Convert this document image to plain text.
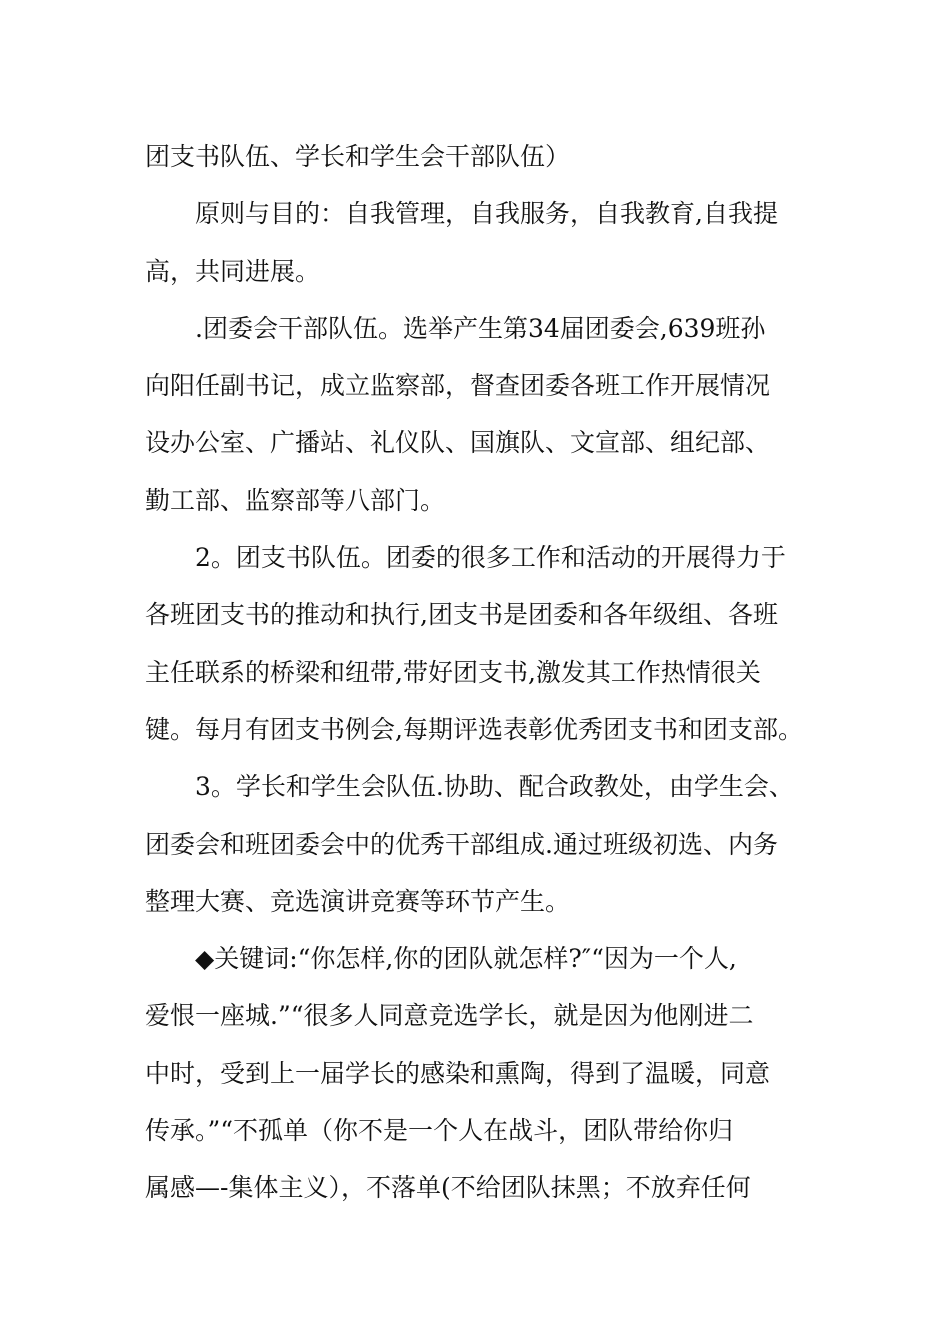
团支书队伍、学长和学生会干部队伍）
原则与目的：自我管理，自我服务，自我教育,自我提
高，共同进展。
.团委会干部队伍。选举产生第34届团委会,639班孙
向阳任副书记，成立监察部，督查团委各班工作开展情况
设办公室、广播站、礼仪队、国旗队、文宣部、组纪部、
勤工部、监察部等八部门。
2。团支书队伍。团委的很多工作和活动的开展得力于
各班团支书的推动和执行,团支书是团委和各年级组、各班
主任联系的桥梁和纽带,带好团支书,激发其工作热情很关
键。每月有团支书例会,每期评选表彰优秀团支书和团支部。
3。学长和学生会队伍.协助、配合政教处，由学生会、
团委会和班团委会中的优秀干部组成.通过班级初选、内务
整理大赛、竞选演讲竞赛等环节产生。
◆关键词:“你怎样,你的团队就怎样?″“因为一个人,
爱恨一座城.”“很多人同意竞选学长，就是因为他刚进二
中时，受到上一届学长的感染和熏陶，得到了温暖，同意
传承。”“不孤单（你不是一个人在战斗，团队带给你归
属感—-集体主义），不落单(不给团队抹黑；不放弃任何
